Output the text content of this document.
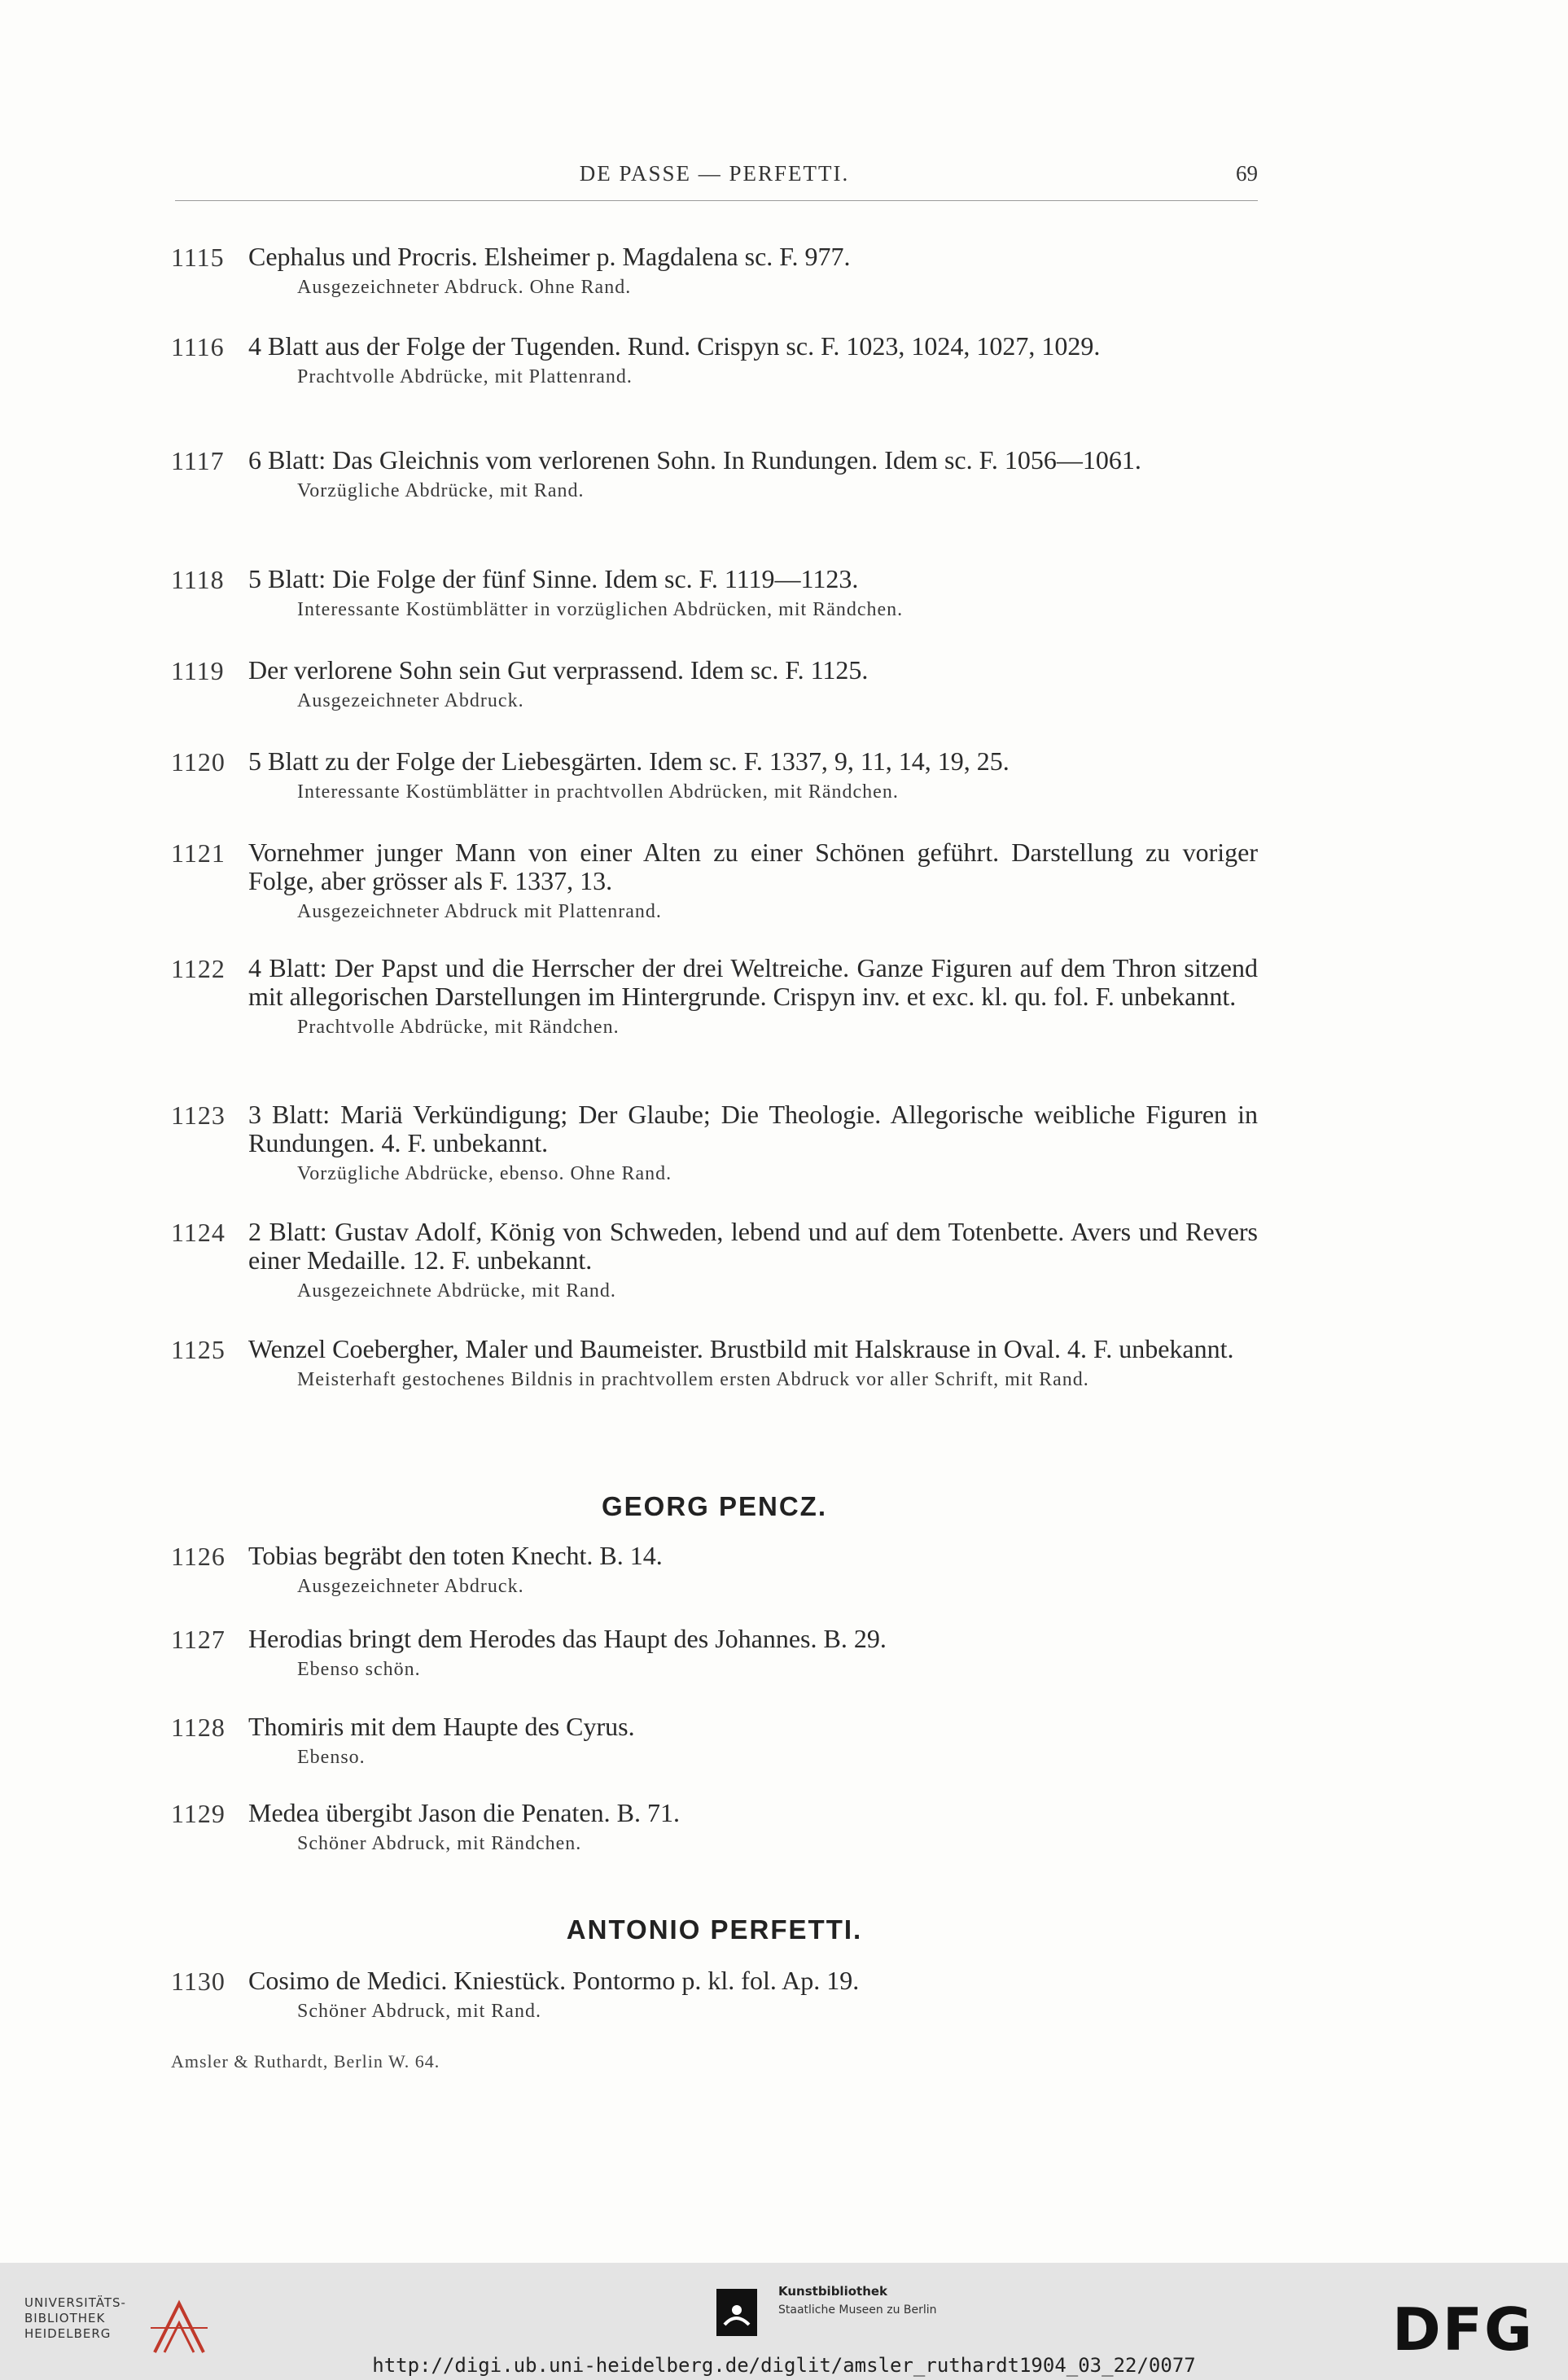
DE PASSE — PERFETTI.	69
1115 Cephalus und Procris. Elsheimer p. Magdalena sc. F. 977.
Ausgezeichneter Abdruck. Ohne Rand.
1116 4 Blatt aus der Folge der Tugenden. Rund. Crispyn sc. F. 1023, 1024, 1027, 1029.
Prachtvolle Abdrücke, mit Plattenrand.
1117 6 Blatt: Das Gleichnis vom verlorenen Sohn. In Rundungen. Idem sc. F. 1056—1061.
Vorzügliche Abdrücke, mit Rand.
1118 5 Blatt: Die Folge der fünf Sinne. Idem sc. F. 1119—1123.
Interessante Kostümblätter in vorzüglichen Abdrücken, mit Rändchen.
1119 Der verlorene Sohn sein Gut verprassend. Idem sc. F. 1125.
Ausgezeichneter Abdruck.
1120 5 Blatt zu der Folge der Liebesgärten. Idem sc. F. 1337, 9, 11, 14, 19, 25.
Interessante Kostümblätter in prachtvollen Abdrücken, mit Rändchen.
1121 Vornehmer junger Mann von einer Alten zu einer Schönen geführt. Darstellung zu voriger Folge, aber grösser als F. 1337, 13.
Ausgezeichneter Abdruck mit Plattenrand.
1122 4 Blatt: Der Papst und die Herrscher der drei Weltreiche. Ganze Figuren auf dem Thron sitzend mit allegorischen Darstellungen im Hintergrunde. Crispyn inv. et exc. kl. qu. fol. F. unbekannt.
Prachtvolle Abdrücke, mit Rändchen.
1123 3 Blatt: Mariä Verkündigung; Der Glaube; Die Theologie. Allegorische weibliche Figuren in Rundungen. 4. F. unbekannt.
Vorzügliche Abdrücke, ebenso. Ohne Rand.
1124 2 Blatt: Gustav Adolf, König von Schweden, lebend und auf dem Totenbette. Avers und Revers einer Medaille. 12. F. unbekannt.
Ausgezeichnete Abdrücke, mit Rand.
1125 Wenzel Coebergher, Maler und Baumeister. Brustbild mit Halskrause in Oval. 4. F. unbekannt.
Meisterhaft gestochenes Bildnis in prachtvollem ersten Abdruck vor aller Schrift, mit Rand.
GEORG PENCZ.
1126 Tobias begräbt den toten Knecht. B. 14.
Ausgezeichneter Abdruck.
1127 Herodias bringt dem Herodes das Haupt des Johannes. B. 29.
Ebenso schön.
1128 Thomiris mit dem Haupte des Cyrus.
Ebenso.
1129 Medea übergibt Jason die Penaten. B. 71.
Schöner Abdruck, mit Rändchen.
ANTONIO PERFETTI.
1130 Cosimo de Medici. Kniestück. Pontormo p. kl. fol. Ap. 19.
Schöner Abdruck, mit Rand.
Amsler & Ruthardt, Berlin W. 64.
UNIVERSITÄTS-
BIBLIOTHEK
HEIDELBERG
Kunstbibliothek
Staatliche Museen zu Berlin	DFG
http://digi.ub.uni-heidelberg.de/diglit/amsler_ruthardt1904_03_22/0077
